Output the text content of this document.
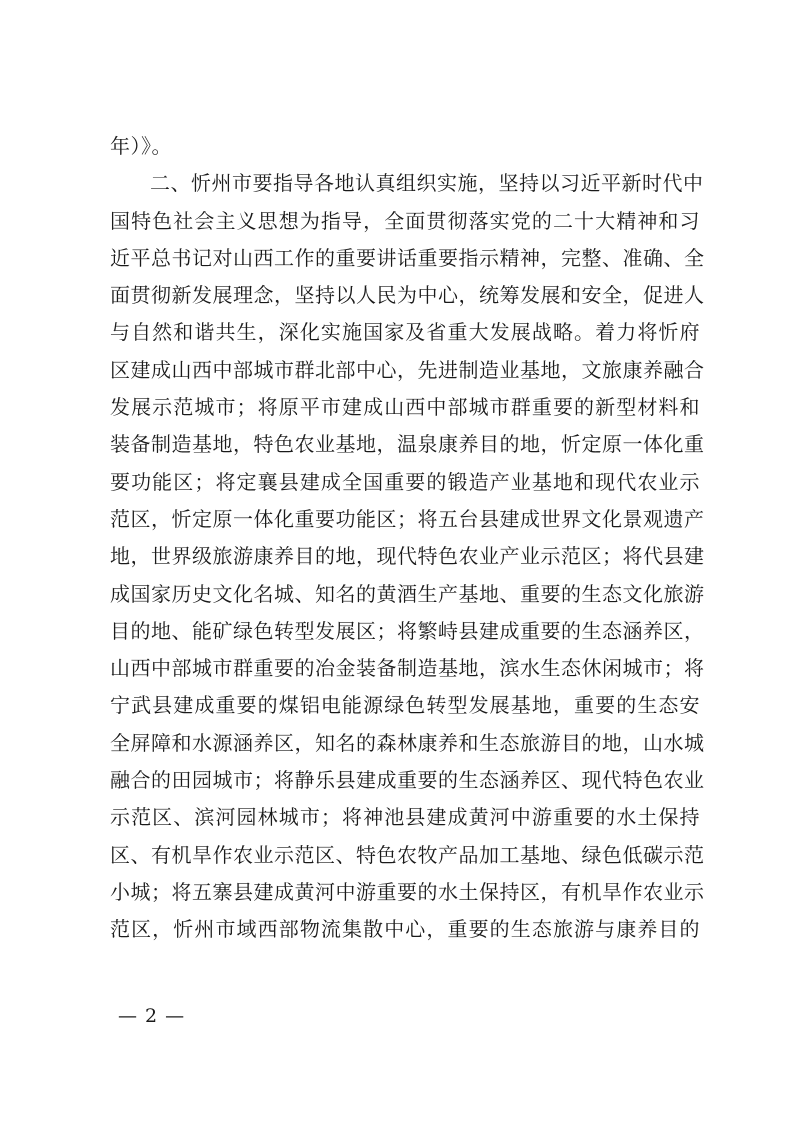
年）》。
二、忻州市要指导各地认真组织实施，坚持以习近平新时代中
国特色社会主义思想为指导，全面贯彻落实党的二十大精神和习
近平总书记对山西工作的重要讲话重要指示精神，完整、准确、全
面贯彻新发展理念，坚持以人民为中心，统筹发展和安全，促进人
与自然和谐共生，深化实施国家及省重大发展战略。着力将忻府
区建成山西中部城市群北部中心，先进制造业基地，文旅康养融合
发展示范城市；将原平市建成山西中部城市群重要的新型材料和
装备制造基地，特色农业基地，温泉康养目的地，忻定原一体化重
要功能区；将定襄县建成全国重要的锻造产业基地和现代农业示
范区，忻定原一体化重要功能区；将五台县建成世界文化景观遗产
地，世界级旅游康养目的地，现代特色农业产业示范区；将代县建
成国家历史文化名城、知名的黄酒生产基地、重要的生态文化旅游
目的地、能矿绿色转型发展区；将繁峙县建成重要的生态涵养区，
山西中部城市群重要的冶金装备制造基地，滨水生态休闲城市；将
宁武县建成重要的煤铝电能源绿色转型发展基地，重要的生态安
全屏障和水源涵养区，知名的森林康养和生态旅游目的地，山水城
融合的田园城市；将静乐县建成重要的生态涵养区、现代特色农业
示范区、滨河园林城市；将神池县建成黄河中游重要的水土保持
区、有机旱作农业示范区、特色农牧产品加工基地、绿色低碳示范
小城；将五寨县建成黄河中游重要的水土保持区，有机旱作农业示
范区，忻州市域西部物流集散中心，重要的生态旅游与康养目的
— 2 —
